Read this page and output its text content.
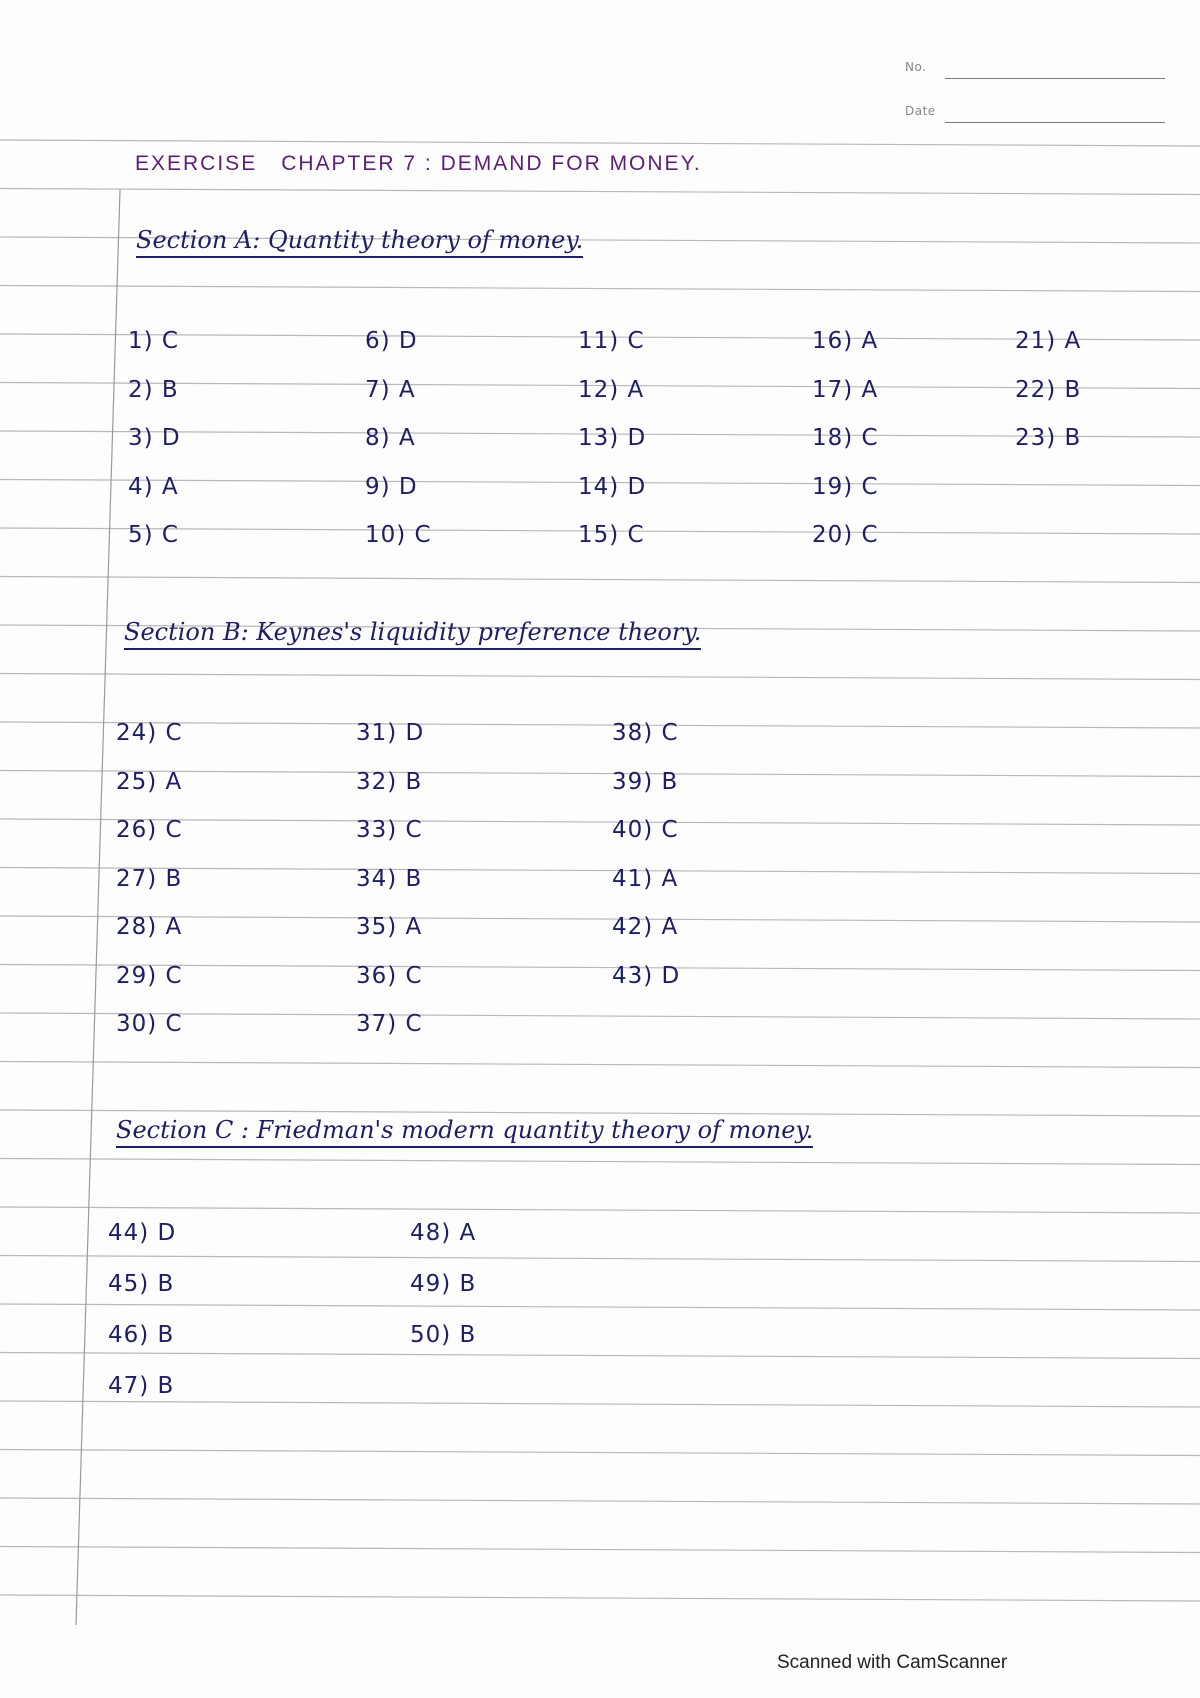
No.
Date
EXERCISE CHAPTER 7 : DEMAND FOR MONEY.
Section A: Quantity theory of money.
1) C
2) B
3) D
4) A
5) C
6) D
7) A
8) A
9) D
10) C
11) C
12) A
13) D
14) D
15) C
16) A
17) A
18) C
19) C
20) C
21) A
22) B
23) B
Section B: Keynes's liquidity preference theory.
24) C
25) A
26) C
27) B
28) A
29) C
30) C
31) D
32) B
33) C
34) B
35) A
36) C
37) C
38) C
39) B
40) C
41) A
42) A
43) D
Section C : Friedman's modern quantity theory of money.
44) D
45) B
46) B
47) B
48) A
49) B
50) B
Scanned with CamScanner
